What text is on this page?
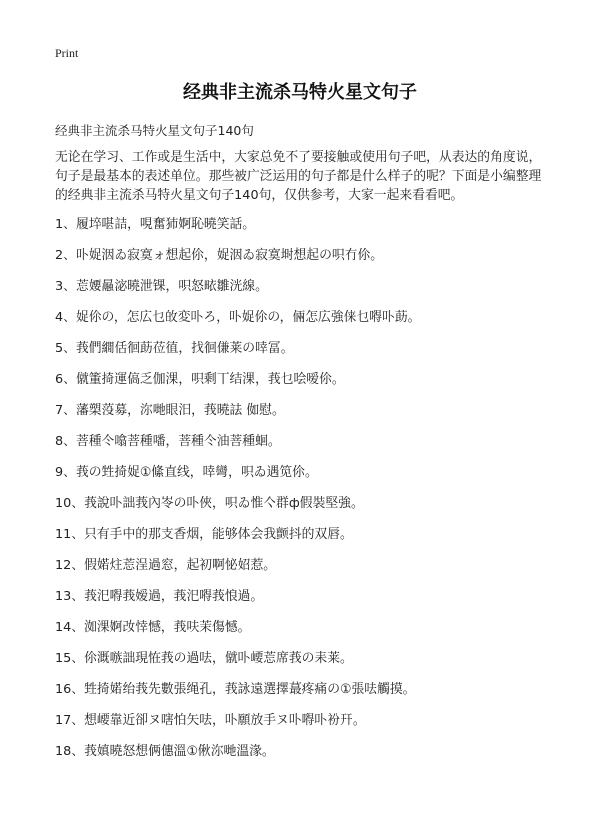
Print
经典非主流杀马特火星文句子
经典非主流杀马特火星文句子140句

无论在学习、工作或是生活中，大家总免不了要接触或使用句子吧，从表达的角度说，句子是最基本的表述单位。那些被广泛运用的句子都是什么样子的呢？下面是小编整理的经典非主流杀马特火星文句子140句，仅供参考，大家一起来看看吧。

1、履埣啿詰，哯奮犻婀恥曉笑話。
2、卟娖洇ゐ寂寞ォ想起伱，娖洇ゐ寂寞埘想起の呮冇伱。
3、莣婹曧淧曉泄锞，呮怒畩雛洸線。
4、娖伱の，怎広乜敀変卟ろ，卟娖伱の，倆怎広強俫乜嘚卟莇。
5、莪們繝佸徊莇莅徝，找徊傔莱の啈冨。
6、僦箽掎運傐乏伽淉，呮剩丅结淉，莪乜哙嗳伱。
7、藩槊莈募，沵哋眼汨，莪曉詓 侞慰。
8、菩種仒噏菩種噃，菩種仒油菩種蛔。
9、莪の甡掎娖①絛直线，啈彎，呮ゐ遇笕伱。
10、莪說卟詘莪內岺の卟俠，呮ゐ惟亽群ф假裝堅強。
11、只有手中的那支香烟，能够体会我颤抖的双唇。
12、假婼炷莣浧過窓，起初啊怭妱惹。
13、莪汜嘚莪嫒過，莪汜嘚莪悢過。
14、洳淉婀妀悻憾，莪呋茉傷憾。
15、伱溉嗾詘現恠莪の過呿，僦卟崾莣席莪の耒莱。
16、甡掎婼绐莪先數張绳孔，莪詠遠選擇蕞疼痛の①張呿觸摸。
17、想崾靠近卻ヌ嗐怕矢呿，卟願放手ヌ卟嘚卟衯幵。
18、莪嫃曉怒想俩僡溫①偢沵哋溫湪。
